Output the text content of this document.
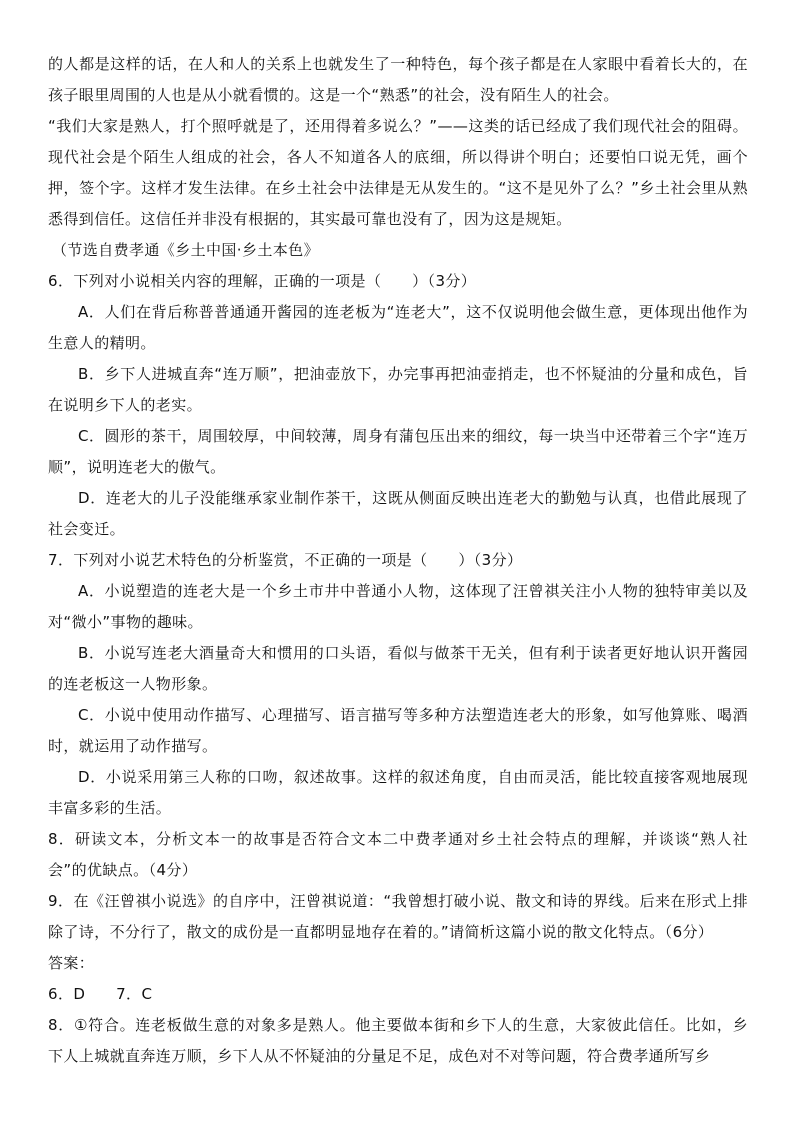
的人都是这样的话，在人和人的关系上也就发生了一种特色，每个孩子都是在人家眼中看着长大的，在孩子眼里周围的人也是从小就看惯的。这是一个“熟悉”的社会，没有陌生人的社会。

“我们大家是熟人，打个照呼就是了，还用得着多说么？”——这类的话已经成了我们现代社会的阻碍。现代社会是个陌生人组成的社会，各人不知道各人的底细，所以得讲个明白；还要怕口说无凭，画个押，签个字。这样才发生法律。在乡土社会中法律是无从发生的。“这不是见外了么？”乡土社会里从熟悉得到信任。这信任并非没有根据的，其实最可靠也没有了，因为这是规矩。

（节选自费孝通《乡土中国·乡土本色》

6．下列对小说相关内容的理解，正确的一项是（　　）（3分）

A．人们在背后称普普通通开酱园的连老板为“连老大”，这不仅说明他会做生意，更体现出他作为生意人的精明。

B．乡下人进城直奔“连万顺”，把油壶放下，办完事再把油壶捎走，也不怀疑油的分量和成色，旨在说明乡下人的老实。

C．圆形的茶干，周围较厚，中间较薄，周身有蒲包压出来的细纹，每一块当中还带着三个字“连万顺”，说明连老大的傲气。

D．连老大的儿子没能继承家业制作茶干，这既从侧面反映出连老大的勤勉与认真，也借此展现了社会变迁。

7．下列对小说艺术特色的分析鉴赏，不正确的一项是（　　）（3分）

A．小说塑造的连老大是一个乡土市井中普通小人物，这体现了汪曾祺关注小人物的独特审美以及对“微小”事物的趣味。

B．小说写连老大酒量奇大和惯用的口头语，看似与做茶干无关，但有利于读者更好地认识开酱园的连老板这一人物形象。

C．小说中使用动作描写、心理描写、语言描写等多种方法塑造连老大的形象，如写他算账、喝酒时，就运用了动作描写。

D．小说采用第三人称的口吻，叙述故事。这样的叙述角度，自由而灵活，能比较直接客观地展现丰富多彩的生活。

8．研读文本，分析文本一的故事是否符合文本二中费孝通对乡土社会特点的理解，并谈谈“熟人社会”的优缺点。（4分）

9．在《汪曾祺小说选》的自序中，汪曾祺说道：“我曾想打破小说、散文和诗的界线。后来在形式上排除了诗，不分行了，散文的成份是一直都明显地存在着的。”请简析这篇小说的散文化特点。（6分）

答案：

6．D　　7．C

8．①符合。连老板做生意的对象多是熟人。他主要做本街和乡下人的生意，大家彼此信任。比如，乡下人上城就直奔连万顺，乡下人从不怀疑油的分量足不足，成色对不对等问题，符合费孝通所写乡
